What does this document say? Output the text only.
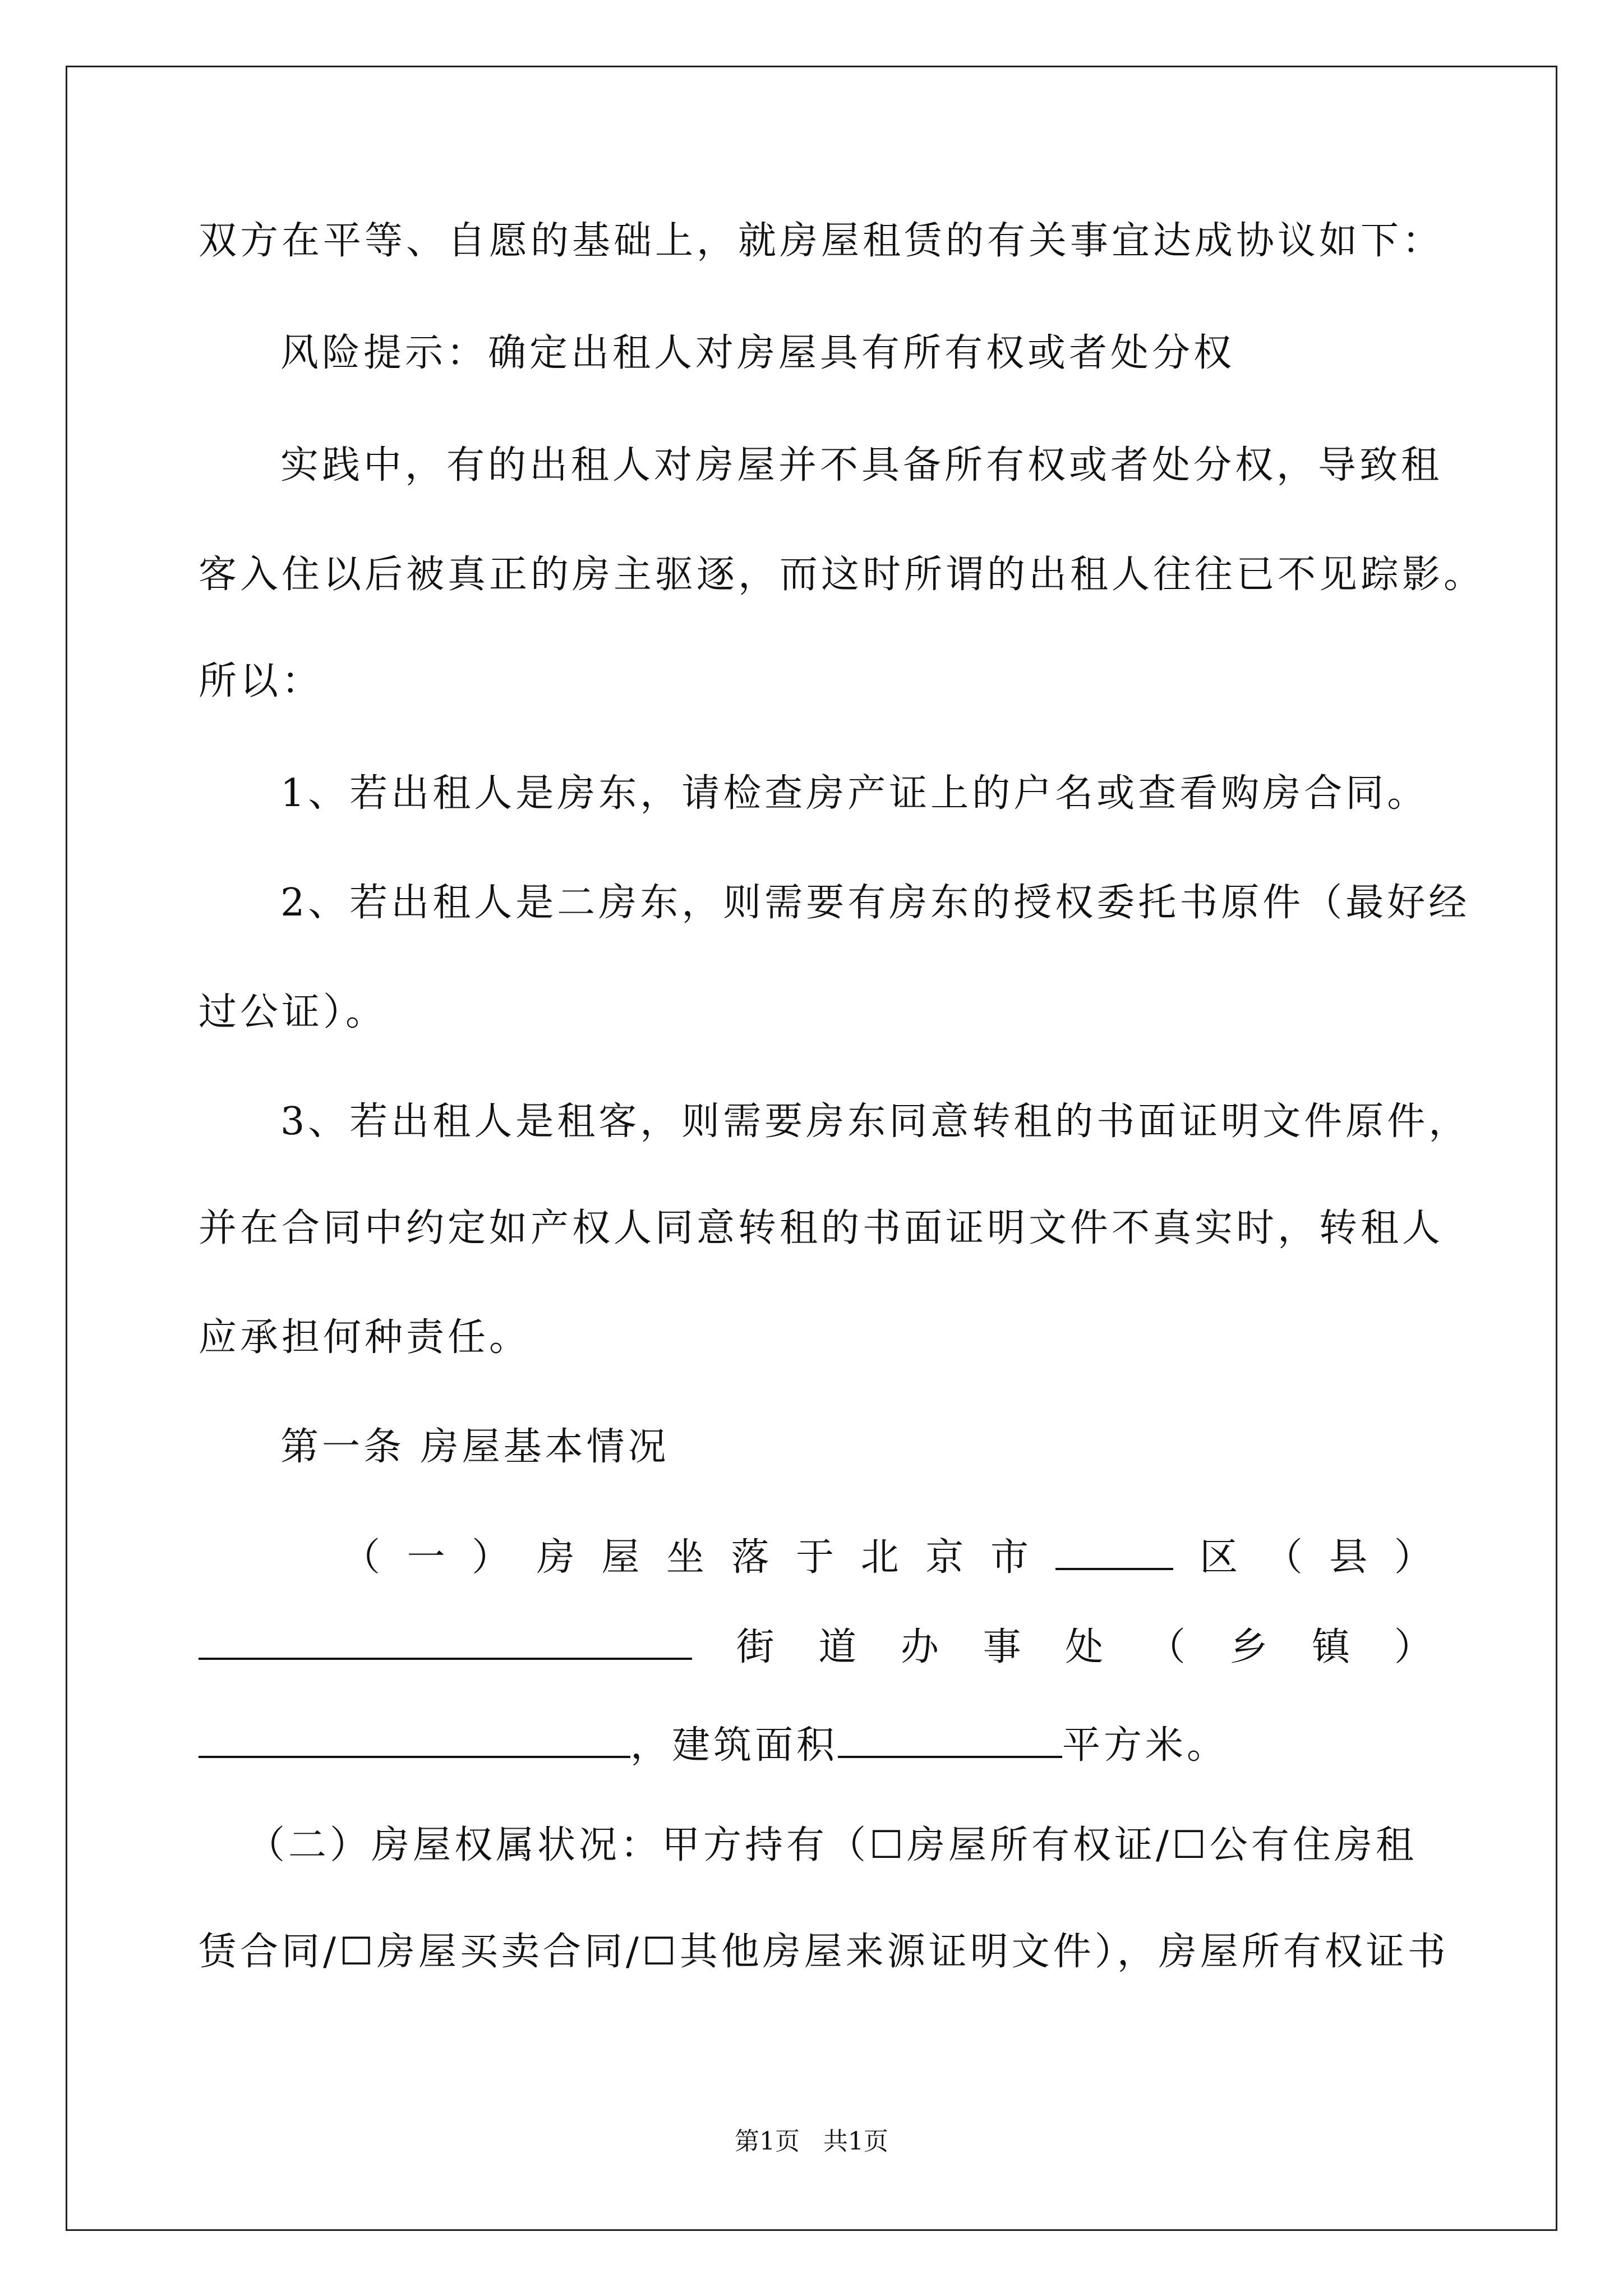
双方在平等、自愿的基础上，就房屋租赁的有关事宜达成协议如下：
风险提示：确定出租人对房屋具有所有权或者处分权
实践中，有的出租人对房屋并不具备所有权或者处分权，导致租
客入住以后被真正的房主驱逐，而这时所谓的出租人往往已不见踪影。
所以：
1、若出租人是房东，请检查房产证上的户名或查看购房合同。
2、若出租人是二房东，则需要有房东的授权委托书原件（最好经
过公证）。
3、若出租人是租客，则需要房东同意转租的书面证明文件原件，
并在合同中约定如产权人同意转租的书面证明文件不真实时，转租人
应承担何种责任。
第一条 房屋基本情况
（ 一 ） 房 屋 坐 落 于 北 京 市	区 （ 县 ）
街 道 办 事 处 （ 乡 镇 ）
，建筑面积	平方米。
（二）房屋权属状况：甲方持有（☐房屋所有权证/☐公有住房租
赁合同/☐房屋买卖合同/☐其他房屋来源证明文件），房屋所有权证书
第1页 共1页
